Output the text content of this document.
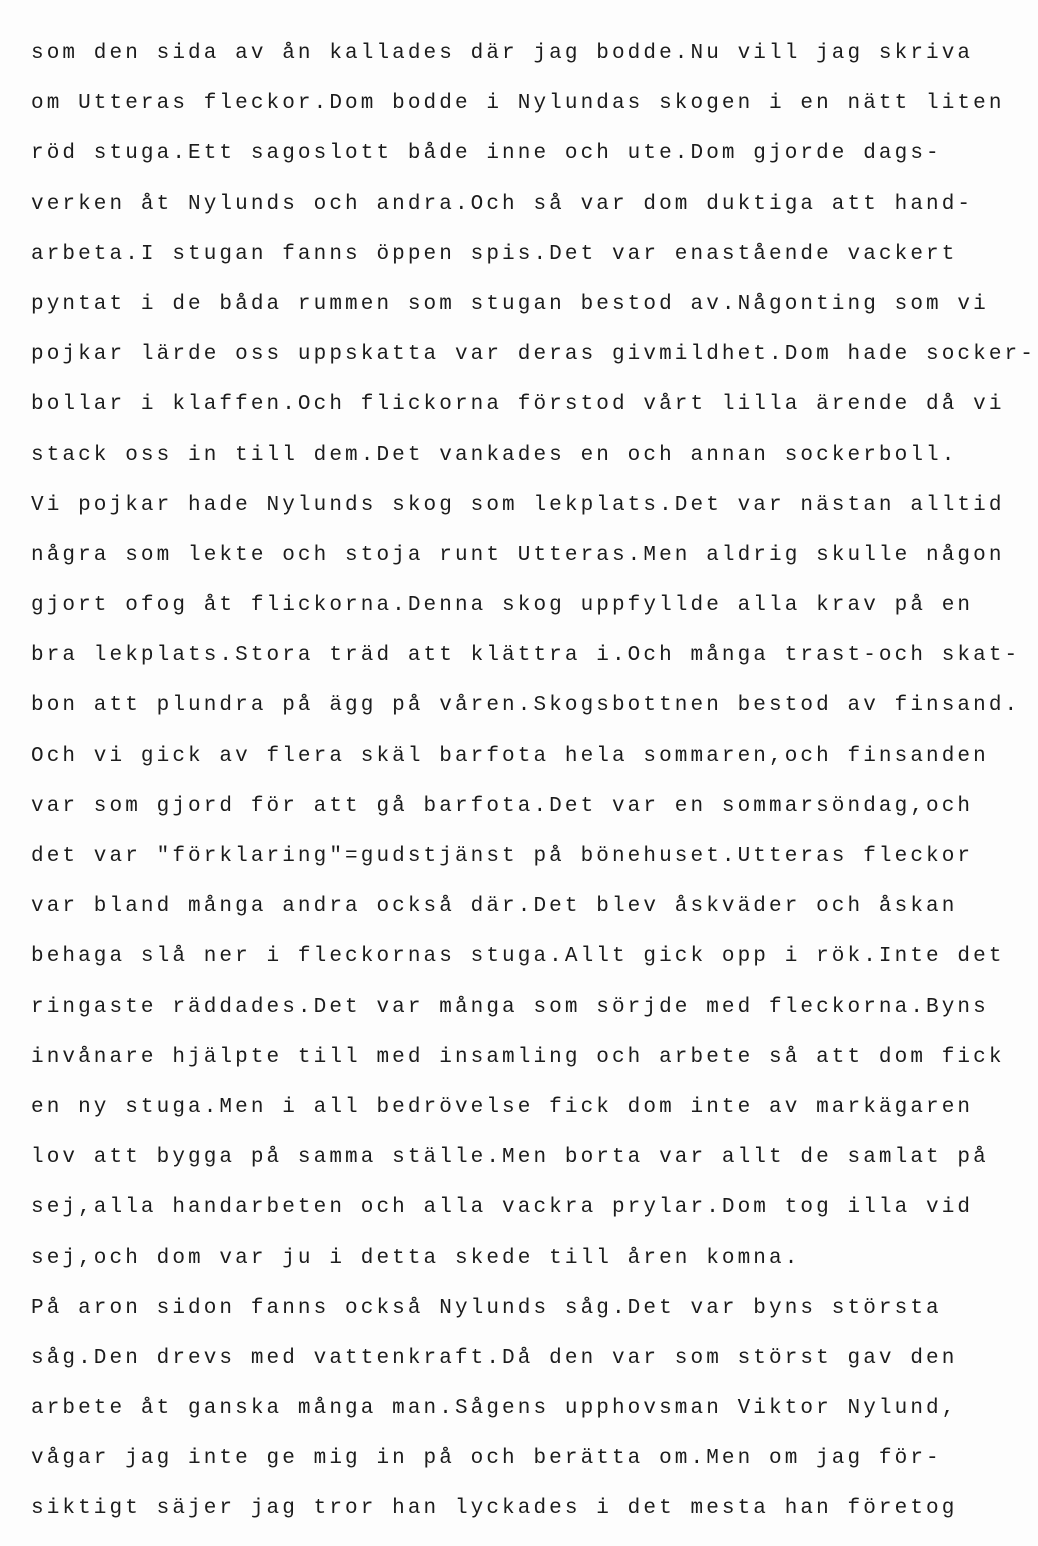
som den sida av ån kallades där jag bodde.Nu vill jag skriva
om Utteras fleckor.Dom bodde i Nylundas skogen i en nätt liten
röd stuga.Ett sagoslott både inne och ute.Dom gjorde dags-
verken åt Nylunds och andra.Och så var dom duktiga att hand-
arbeta.I stugan fanns öppen spis.Det var enastående vackert
pyntat i de båda rummen som stugan bestod av.Någonting som vi
pojkar lärde oss uppskatta var deras givmildhet.Dom hade socker-
bollar i klaffen.Och flickorna förstod vårt lilla ärende då vi
stack oss in till dem.Det vankades en och annan sockerboll.
Vi pojkar hade Nylunds skog som lekplats.Det var nästan alltid
några som lekte och stoja runt Utteras.Men aldrig skulle någon
gjort ofog åt flickorna.Denna skog uppfyllde alla krav på en
bra lekplats.Stora träd att klättra i.Och många trast-och skat-
bon att plundra på ägg på våren.Skogsbottnen bestod av finsand.
Och vi gick av flera skäl barfota hela sommaren,och finsanden
var som gjord för att gå barfota.Det var en sommarsöndag,och
det var "förklaring"=gudstjänst på bönehuset.Utteras fleckor
var bland många andra också där.Det blev åskväder och åskan
behaga slå ner i fleckornas stuga.Allt gick opp i rök.Inte det
ringaste räddades.Det var många som sörjde med fleckorna.Byns
invånare hjälpte till med insamling och arbete så att dom fick
en ny stuga.Men i all bedrövelse fick dom inte av markägaren
lov att bygga på samma ställe.Men borta var allt de samlat på
sej,alla handarbeten och alla vackra prylar.Dom tog illa vid
sej,och dom var ju i detta skede till åren komna.
På aron sidon fanns också Nylunds såg.Det var byns största
såg.Den drevs med vattenkraft.Då den var som störst gav den
arbete åt ganska många man.Sågens upphovsman Viktor Nylund,
vågar jag inte ge mig in på och berätta om.Men om jag för-
siktigt säjer jag tror han lyckades i det mesta han företog
